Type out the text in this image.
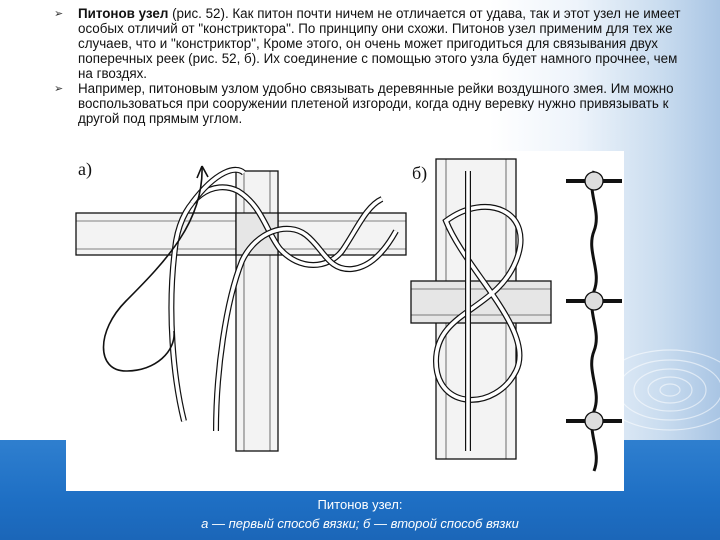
➢ Питонов узел (рис. 52). Как питон почти ничем не отличается от удава, так и этот узел не имеет особых отличий от "констриктора". По принципу они схожи. Питонов узел применим для тех же случаев, что и "констриктор", Кроме этого, он очень может пригодиться для связывания двух поперечных реек (рис. 52, б). Их соединение с помощью этого узла будет намного прочнее, чем на гвоздях.
➢ Например, питоновым узлом удобно связывать деревянные рейки воздушного змея. Им можно воспользоваться при сооружении плетеной изгороди, когда одну веревку нужно привязывать к другой под прямым углом.
а)	б)
Питонов узел:
а — первый способ вязки; б — второй способ вязки
